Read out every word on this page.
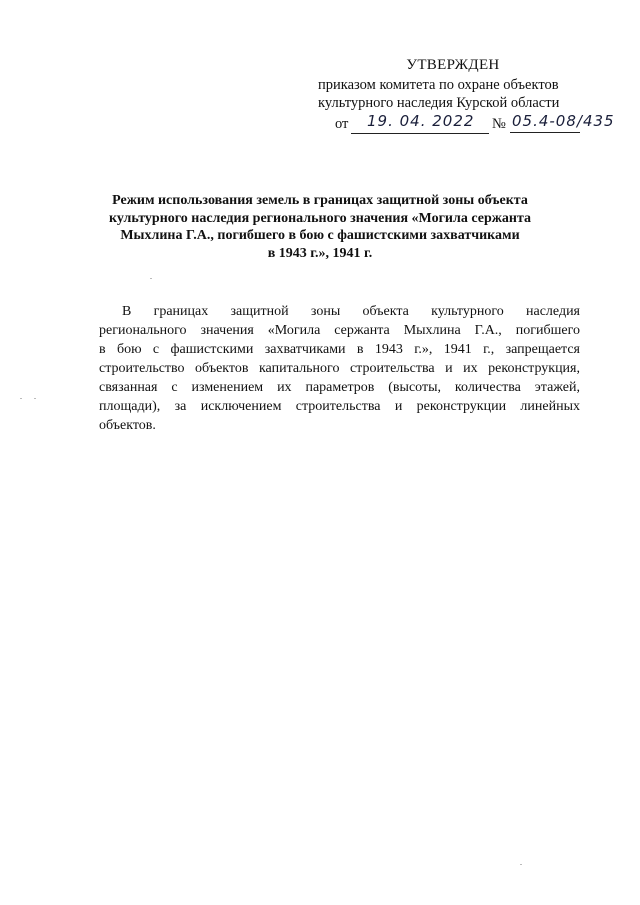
УТВЕРЖДЕН
приказом комитета по охране объектов
культурного наследия Курской области
от 19. 04. 2022 № 05.4-08/435
Режим использования земель в границах защитной зоны объекта
культурного наследия регионального значения «Могила сержанта
Мыхлина Г.А., погибшего в бою с фашистскими захватчиками
в 1943 г.», 1941 г.

В границах защитной зоны объекта культурного наследия
регионального значения «Могила сержанта Мыхлина Г.А., погибшего
в бою с фашистскими захватчиками в 1943 г.», 1941 г., запрещается
строительство объектов капитального строительства и их реконструкция,
связанная с изменением их параметров (высоты, количества этажей,
площади), за исключением строительства и реконструкции линейных
объектов.
